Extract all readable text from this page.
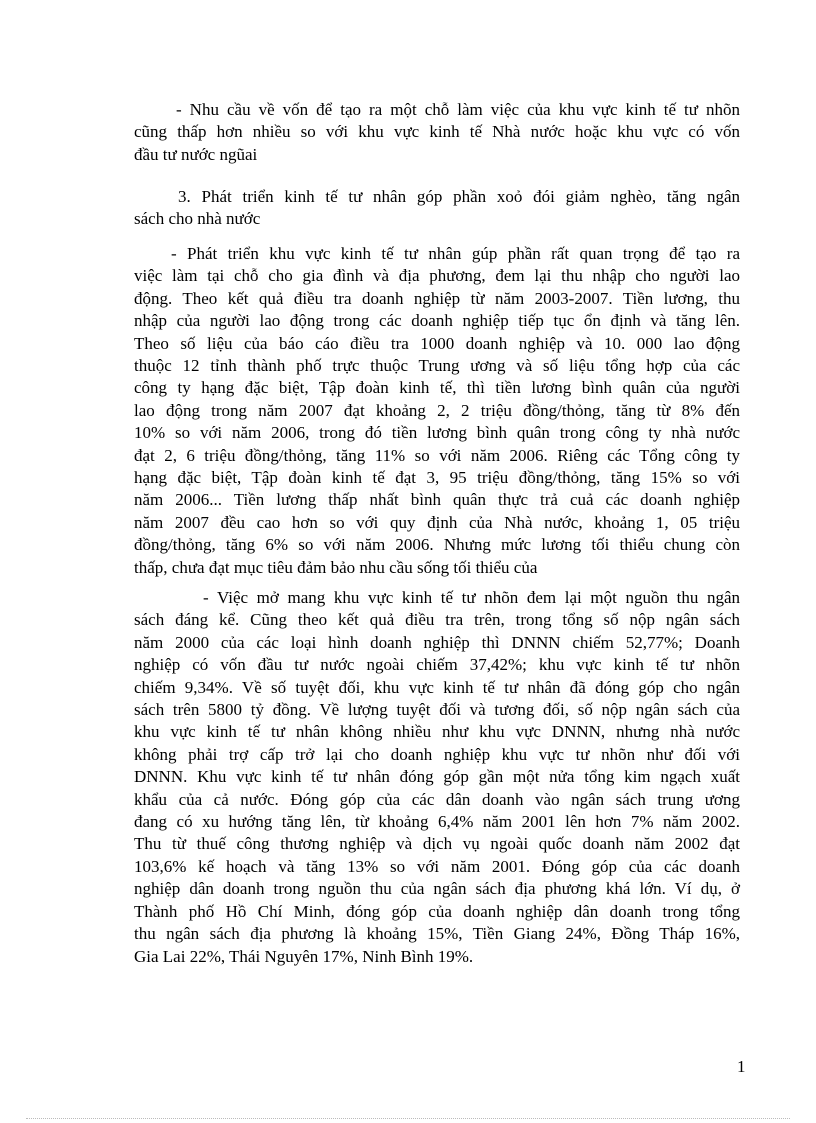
- Nhu cầu về vốn để tạo ra một chỗ làm việc của khu vực kinh tế tư nhõn
cũng thấp hơn nhiều so với khu vực kinh tế Nhà nước hoặc khu vực có vốn
đầu tư nước ngũai
3. Phát triển kinh tế tư nhân góp phần xoỏ đói giảm nghèo, tăng ngân
sách cho nhà nước
- Phát triển khu vực kinh tế tư nhân gúp phần rất quan trọng để tạo ra
việc làm tại chỗ cho gia đình và địa phương, đem lại thu nhập cho người lao
động. Theo kết quả điều tra doanh nghiệp từ năm 2003-2007. Tiền lương, thu
nhập của người lao động trong các doanh nghiệp tiếp tục ổn định và tăng lên.
Theo số liệu của báo cáo điều tra 1000 doanh nghiệp và 10. 000 lao động
thuộc 12 tỉnh thành phố trực thuộc Trung ương và số liệu tổng hợp của các
công ty hạng đặc biệt, Tập đoàn kinh tế, thì tiền lương bình quân của người
lao động trong năm 2007 đạt khoảng 2, 2 triệu đồng/thỏng, tăng từ 8% đến
10% so với năm 2006, trong đó tiền lương bình quân trong công ty nhà nước
đạt 2, 6 triệu đồng/thỏng, tăng 11% so với năm 2006. Riêng các Tổng công ty
hạng đặc biệt, Tập đoàn kinh tế đạt 3, 95 triệu đồng/thỏng, tăng 15% so với
năm 2006... Tiền lương thấp nhất bình quân thực trả cuả các doanh nghiệp
năm 2007 đều cao hơn so với quy định của Nhà nước, khoảng 1, 05 triệu
đồng/thỏng, tăng 6% so với năm 2006. Nhưng mức lương tối thiểu chung còn
thấp, chưa đạt mục tiêu đảm bảo nhu cầu sống tối thiểu của
- Việc mở mang khu vực kinh tế tư nhõn đem lại một nguồn thu ngân
sách đáng kể. Cũng theo kết quả điều tra trên, trong tổng số nộp ngân sách
năm 2000 của các loại hình doanh nghiệp thì DNNN chiếm 52,77%; Doanh
nghiệp có vốn đầu tư nước ngoài chiếm 37,42%; khu vực kinh tế tư nhõn
chiếm 9,34%. Về số tuyệt đối, khu vực kinh tế tư nhân đã đóng góp cho ngân
sách trên 5800 tỷ đồng. Về lượng tuyệt đối và tương đối, số nộp ngân sách của
khu vực kinh tế tư nhân không nhiều như khu vực DNNN, nhưng nhà nước
không phải trợ cấp trở lại cho doanh nghiệp khu vực tư nhõn như đối với
DNNN. Khu vực kinh tế tư nhân đóng góp gần một nửa tổng kim ngạch xuất
khẩu của cả nước. Đóng góp của các dân doanh vào ngân sách trung ương
đang có xu hướng tăng lên, từ khoảng 6,4% năm 2001 lên hơn 7% năm 2002.
Thu từ thuế công thương nghiệp và dịch vụ ngoài quốc doanh năm 2002 đạt
103,6% kế hoạch và tăng 13% so với năm 2001. Đóng góp của các doanh
nghiệp dân doanh trong nguồn thu của ngân sách địa phương khá lớn. Ví dụ, ở
Thành phố Hồ Chí Minh, đóng góp của doanh nghiệp dân doanh trong tổng
thu ngân sách địa phương là khoảng 15%, Tiền Giang 24%, Đồng Tháp 16%,
Gia Lai 22%, Thái Nguyên 17%, Ninh Bình 19%.
1
